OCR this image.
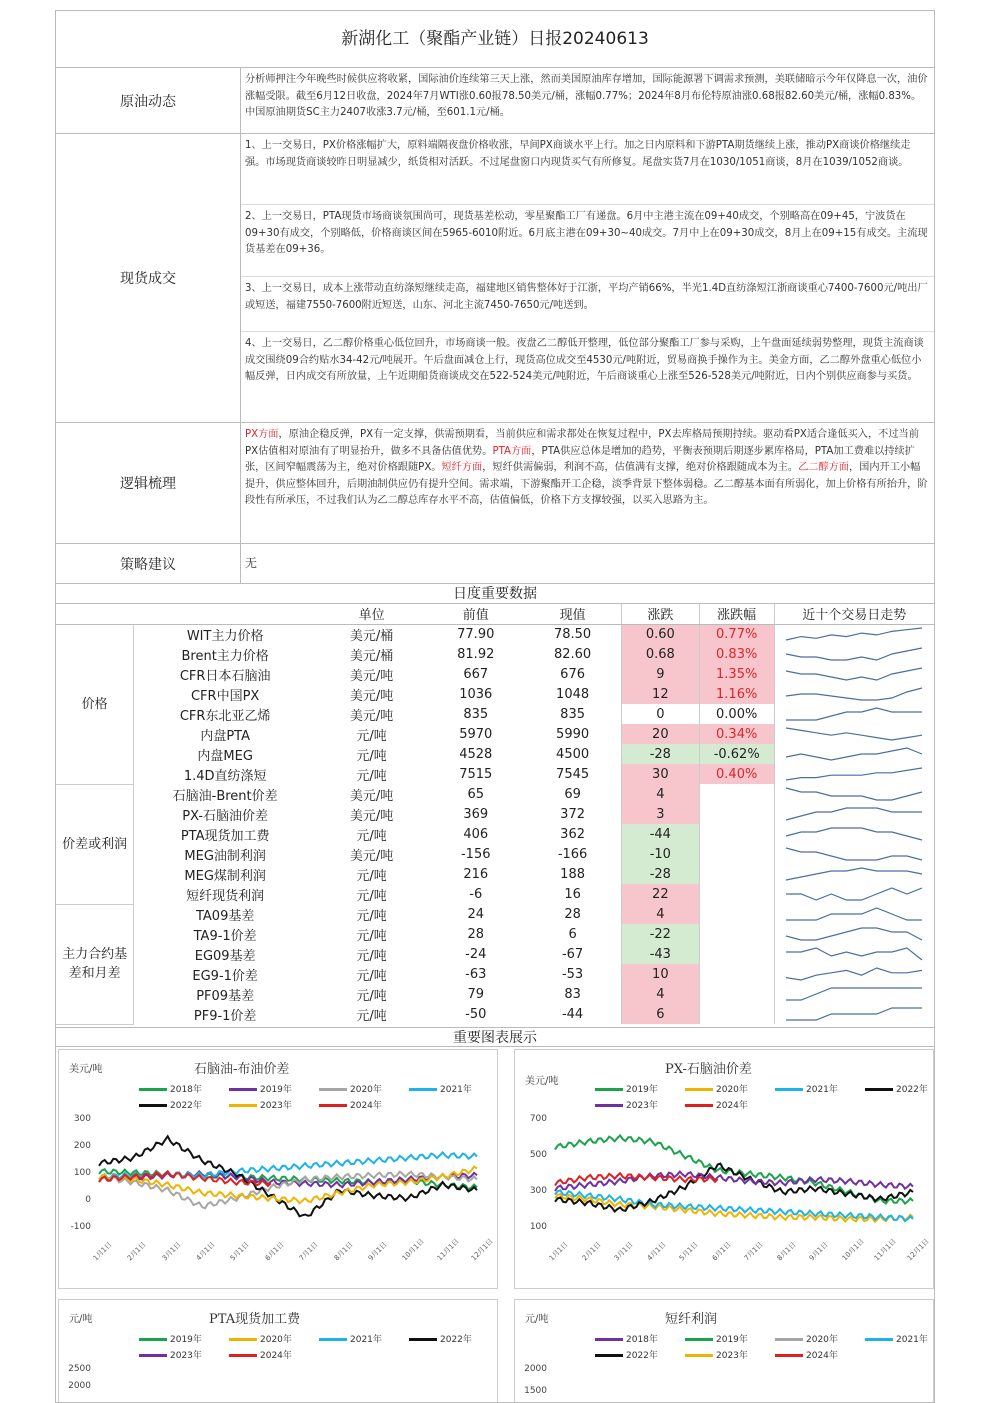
新湖化工（聚酯产业链）日报20240613
原油动态
分析师押注今年晚些时候供应将收紧，国际油价连续第三天上涨，然而美国原油库存增加，国际能源署下调需求预测，美联储暗示今年仅降息一次，油价涨幅受限。截至6月12日收盘，2024年7月WTI涨0.60报78.50美元/桶，涨幅0.77%；2024年8月布伦特原油涨0.68报82.60美元/桶，涨幅0.83%。中国原油期货SC主力2407收涨3.7元/桶，至601.1元/桶。
现货成交
1、上一交易日，PX价格涨幅扩大，原料端隔夜盘价格收涨，早间PX商谈水平上行。加之日内原料和下游PTA期货继续上涨，推动PX商谈价格继续走强。市场现货商谈较昨日明显减少，纸货相对活跃。不过尾盘窗口内现货买气有所修复。尾盘实货7月在1030/1051商谈，8月在1039/1052商谈。
2、上一交易日，PTA现货市场商谈氛围尚可，现货基差松动，零星聚酯工厂有递盘。6月中主港主流在09+40成交，个别略高在09+45，宁波货在09+30有成交，个别略低，价格商谈区间在5965-6010附近。6月底主港在09+30~40成交。7月中上在09+30成交，8月上在09+15有成交。主流现货基差在09+36。
3、上一交易日，成本上涨带动直纺涤短继续走高，福建地区销售整体好于江浙，平均产销66%，半光1.4D直纺涤短江浙商谈重心7400-7600元/吨出厂或短送，福建7550-7600附近短送，山东、河北主流7450-7650元/吨送到。
4、上一交易日，乙二醇价格重心低位回升，市场商谈一般。夜盘乙二醇低开整理，低位部分聚酯工厂参与采购，上午盘面延续弱势整理，现货主流商谈成交围绕09合约贴水34-42元/吨展开。午后盘面减仓上行，现货高位成交至4530元/吨附近，贸易商换手操作为主。美金方面，乙二醇外盘重心低位小幅反弹，日内成交有所放量，上午近期船货商谈成交在522-524美元/吨附近，午后商谈重心上涨至526-528美元/吨附近，日内个别供应商参与买货。
逻辑梳理
PX方面，原油企稳反弹，PX有一定支撑，供需预期看，当前供应和需求都处在恢复过程中，PX去库格局预期持续。驱动看PX适合逢低买入，不过当前PX估值相对原油有了明显抬升，做多不具备估值优势。PTA方面，PTA供应总体是增加的趋势，平衡表预期后期逐步累库格局，PTA加工费难以持续扩张，区间窄幅震荡为主，绝对价格跟随PX。短纤方面，短纤供需偏弱，利润不高，估值满有支撑，绝对价格跟随成本为主。乙二醇方面，国内开工小幅提升，供应整体回升，后期油制供应仍有提升空间。需求端，下游聚酯开工企稳，淡季背景下整体弱稳。乙二醇基本面有所弱化，加上价格有所抬升，阶段性有所承压，不过我们认为乙二醇总库存水平不高，估值偏低，价格下方支撑较强，以买入思路为主。
策略建议	无
日度重要数据
		单位	前值	现值	涨跌	涨跌幅	近十个交易日走势
价格	WIT主力价格	美元/桶	77.90	78.50	0.60	0.77%	

	Brent主力价格	美元/桶	81.92	82.60	0.68	0.83%	

	CFR日本石脑油	美元/吨	667	676	9	1.35%	

	CFR中国PX	美元/吨	1036	1048	12	1.16%	

	CFR东北亚乙烯	美元/吨	835	835	0	0.00%	

	内盘PTA	元/吨	5970	5990	20	0.34%	

	内盘MEG	元/吨	4528	4500	-28	-0.62%	

	1.4D直纺涤短	元/吨	7515	7545	30	0.40%	

价差或利润	石脑油-Brent价差	美元/吨	65	69	4		

	PX-石脑油价差	美元/吨	369	372	3		

	PTA现货加工费	元/吨	406	362	-44		

	MEG油制利润	美元/吨	-156	-166	-10		

	MEG煤制利润	元/吨	216	188	-28		

	短纤现货利润	元/吨	-6	16	22		

主力合约基差和月差	TA09基差	元/吨	24	28	4		

	TA9-1价差	元/吨	28	6	-22		

	EG09基差	元/吨	-24	-67	-43		

	EG9-1价差	元/吨	-63	-53	10		

	PF09基差	元/吨	79	83	4		

	PF9-1价差	元/吨	-50	-44	6		
重要图表展示
石脑油-布油价差
美元/吨
2018年	2019年	2020年	2021年
2022年	2023年	2024年
300
200
100
0
-100
1月1日 2月1日 3月1日 4月1日 5月1日 6月1日 7月1日 8月1日 9月1日 10月1日 11月1日 12月1日
PX-石脑油价差
美元/吨
2019年	2020年	2021年	2022年
2023年	2024年
700
500
300
100
1月1日 2月1日 3月1日 4月1日 5月1日 6月1日 7月1日 8月1日 9月1日 10月1日 11月1日 12月1日
PTA现货加工费
元/吨
2019年	2020年	2021年	2022年
2023年	2024年
2500
2000
短纤利润
元/吨
2018年	2019年	2020年	2021年
2022年	2023年	2024年
2000
1500
